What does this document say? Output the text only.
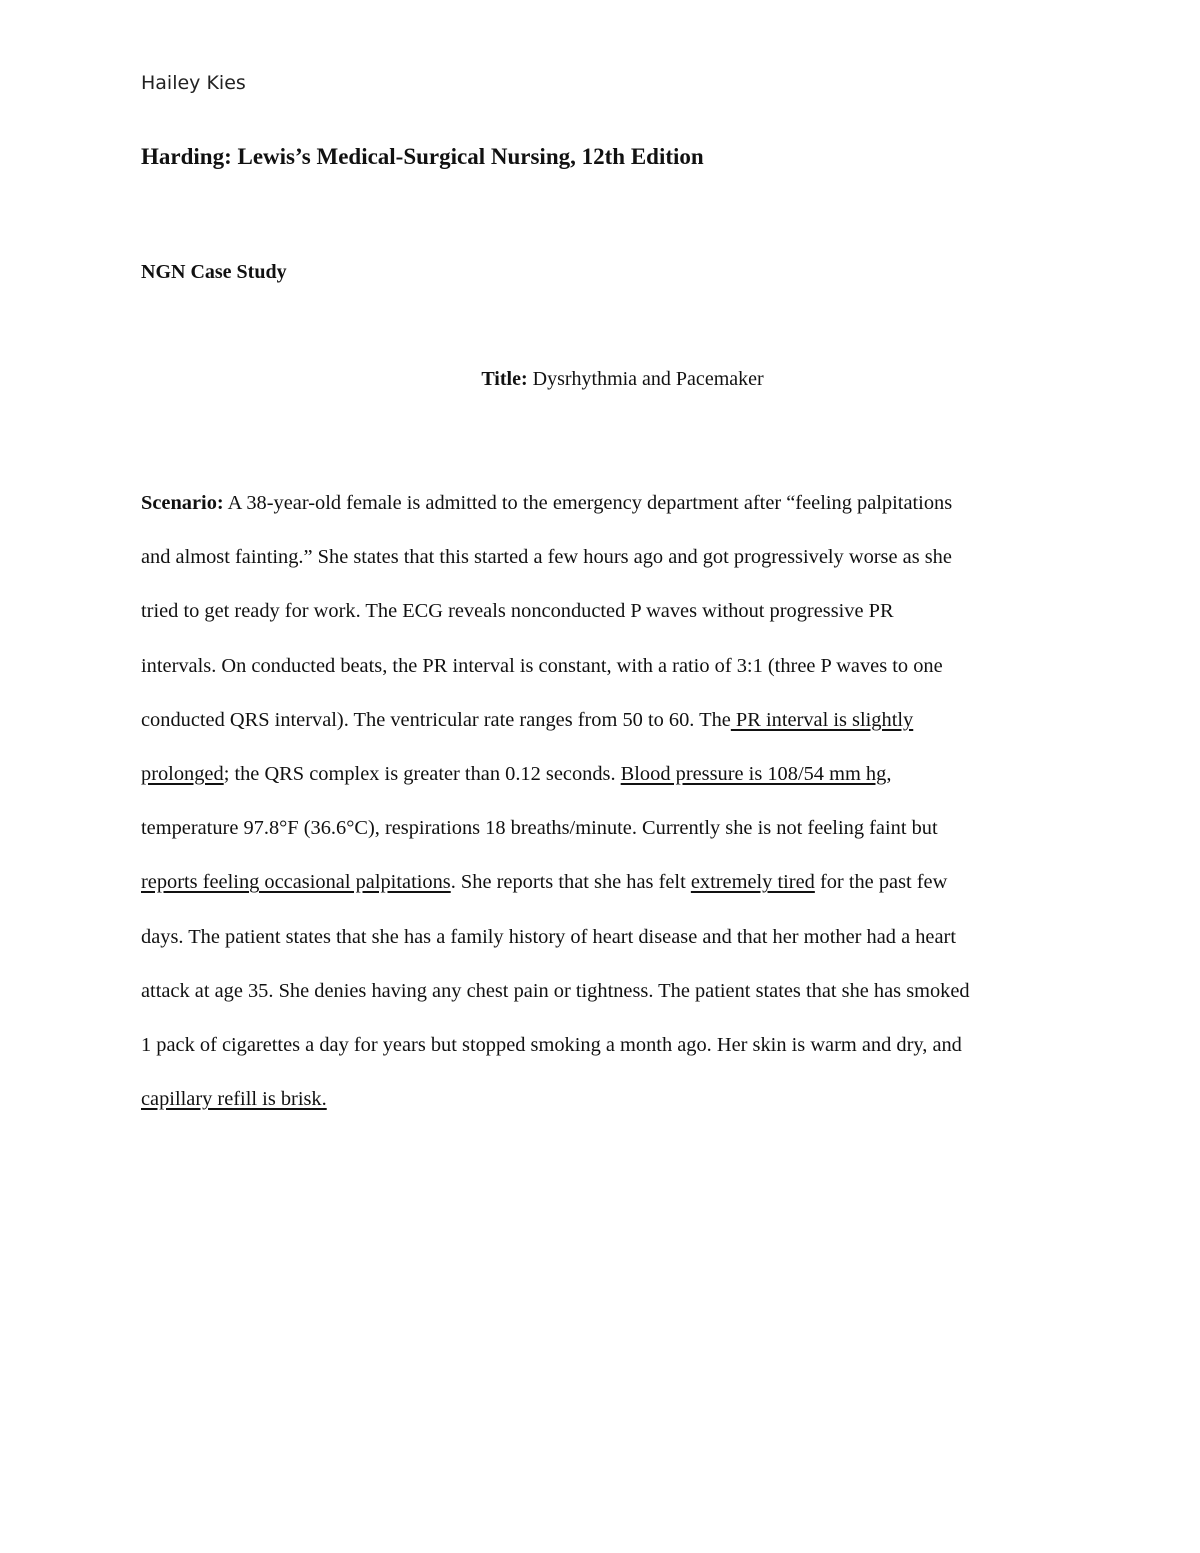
Hailey Kies
Harding: Lewis’s Medical-Surgical Nursing, 12th Edition
NGN Case Study
Title: Dysrhythmia and Pacemaker
Scenario: A 38-year-old female is admitted to the emergency department after “feeling palpitations
and almost fainting.” She states that this started a few hours ago and got progressively worse as she
tried to get ready for work. The ECG reveals nonconducted P waves without progressive PR
intervals. On conducted beats, the PR interval is constant, with a ratio of 3:1 (three P waves to one
conducted QRS interval). The ventricular rate ranges from 50 to 60. The PR interval is slightly
prolonged; the QRS complex is greater than 0.12 seconds. Blood pressure is 108/54 mm hg,
temperature 97.8°F (36.6°C), respirations 18 breaths/minute. Currently she is not feeling faint but
reports feeling occasional palpitations. She reports that she has felt extremely tired for the past few
days. The patient states that she has a family history of heart disease and that her mother had a heart
attack at age 35. She denies having any chest pain or tightness. The patient states that she has smoked
1 pack of cigarettes a day for years but stopped smoking a month ago. Her skin is warm and dry, and
capillary refill is brisk.
